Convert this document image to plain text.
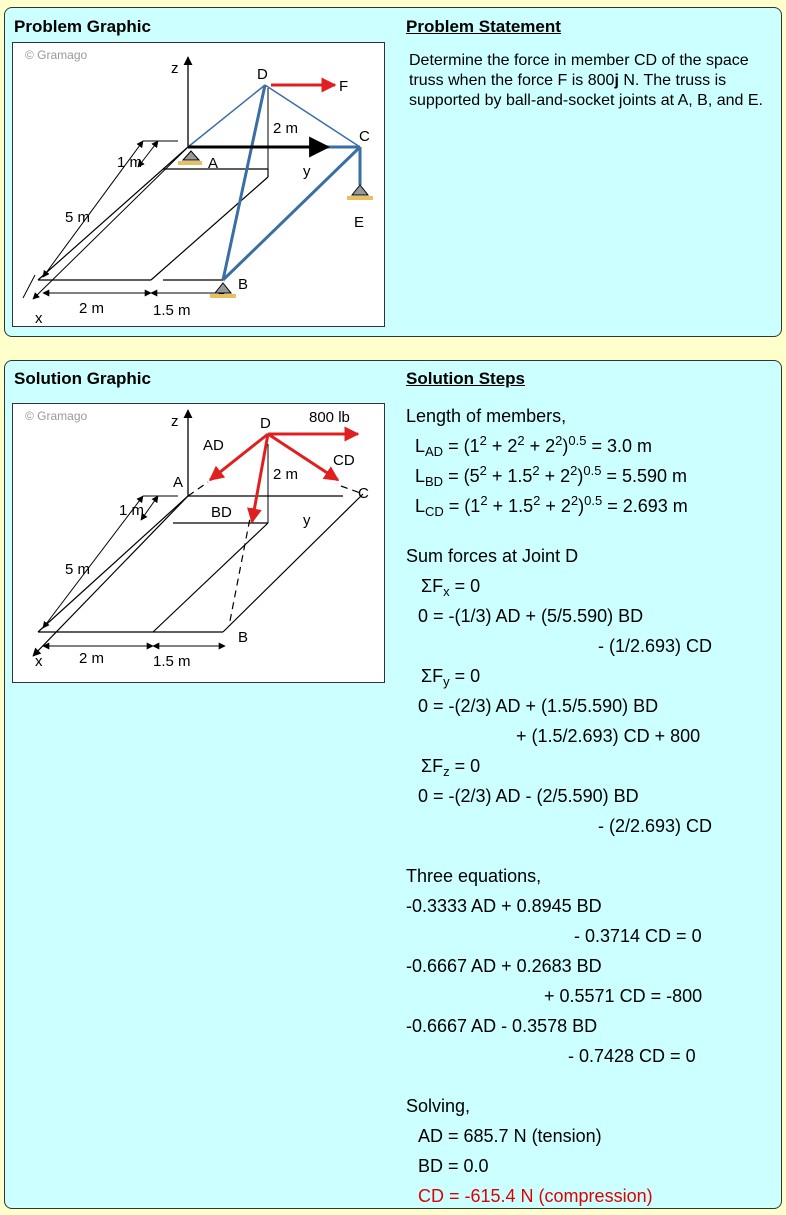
Problem Graphic	Problem Statement
© Gramago
z	D
F
2 m	C
A
1 m
y
E
5 m
B
2 m	1.5 m
x
Determine the force in member CD of the space truss when the force F is 800j N. The truss is supported by ball-and-socket joints at A, B, and E.
Solution Graphic	Solution Steps
© Gramago	z	D	800 lb
AD
CD
2 m
A
C
1 m	BD	y
5 m
B
x 2 m	1.5 m
Length of members,
$L_{AD} = (1^2 + 2^2 + 2^2)^{0.5} = 3.0$ m
$L_{BD} = (5^2 + 1.5^2 + 2^2)^{0.5} = 5.590$ m
$L_{CD} = (1^2 + 1.5^2 + 2^2)^{0.5} = 2.693$ m
Sum forces at Joint D
$\Sigma F_x = 0$
0 = -(1/3) AD + (5/5.590) BD
- (1/2.693) CD
$\Sigma F_y = 0$
0 = -(2/3) AD + (1.5/5.590) BD
+ (1.5/2.693) CD + 800
$\Sigma F_z = 0$
0 = -(2/3) AD - (2/5.590) BD
- (2/2.693) CD
Three equations,
-0.3333 AD + 0.8945 BD
- 0.3714 CD = 0
-0.6667 AD + 0.2683 BD
+ 0.5571 CD = -800
-0.6667 AD - 0.3578 BD
- 0.7428 CD = 0
Solving,
AD = 685.7 N (tension)
BD = 0.0
CD = -615.4 N (compression)
